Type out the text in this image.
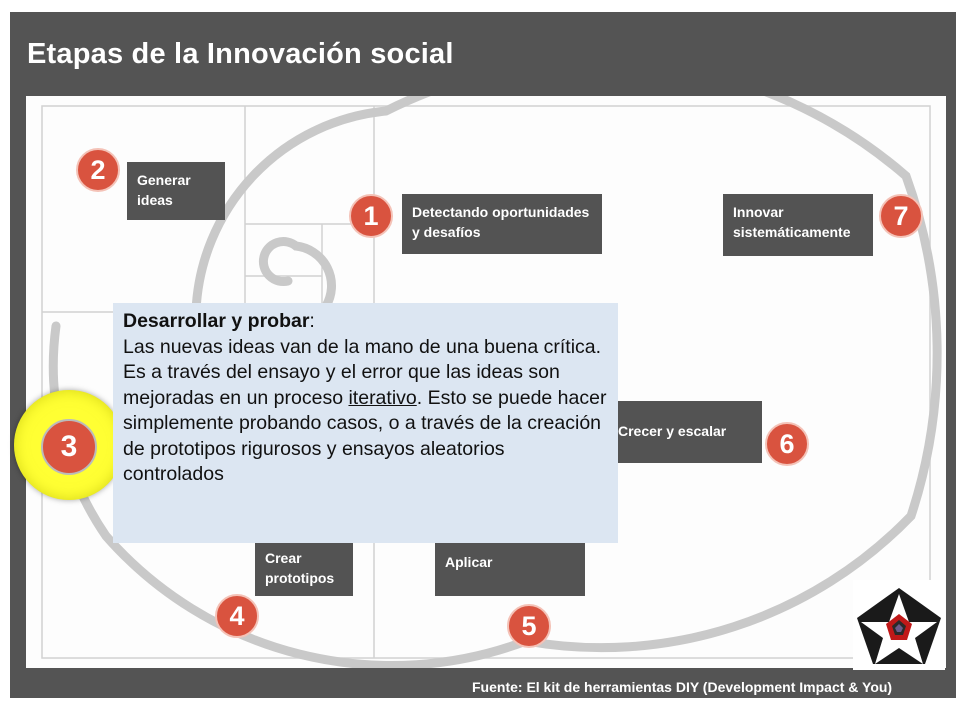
Etapas de la Innovación social
1	Detectando oportunidades y desafíos
2	Generar ideas
3
4
Crear prototipos
5
Aplicar
6
Crecer y escalar
7
Innovar sistemáticamente
Desarrollar y probar:
Las nuevas ideas van de la mano de una buena crítica. Es a través del ensayo y el error que las ideas son mejoradas en un proceso iterativo. Esto se puede hacer simplemente probando casos, o a través de la creación de prototipos rigurosos y ensayos aleatorios controlados
Fuente: El kit de herramientas DIY (Development Impact & You)
